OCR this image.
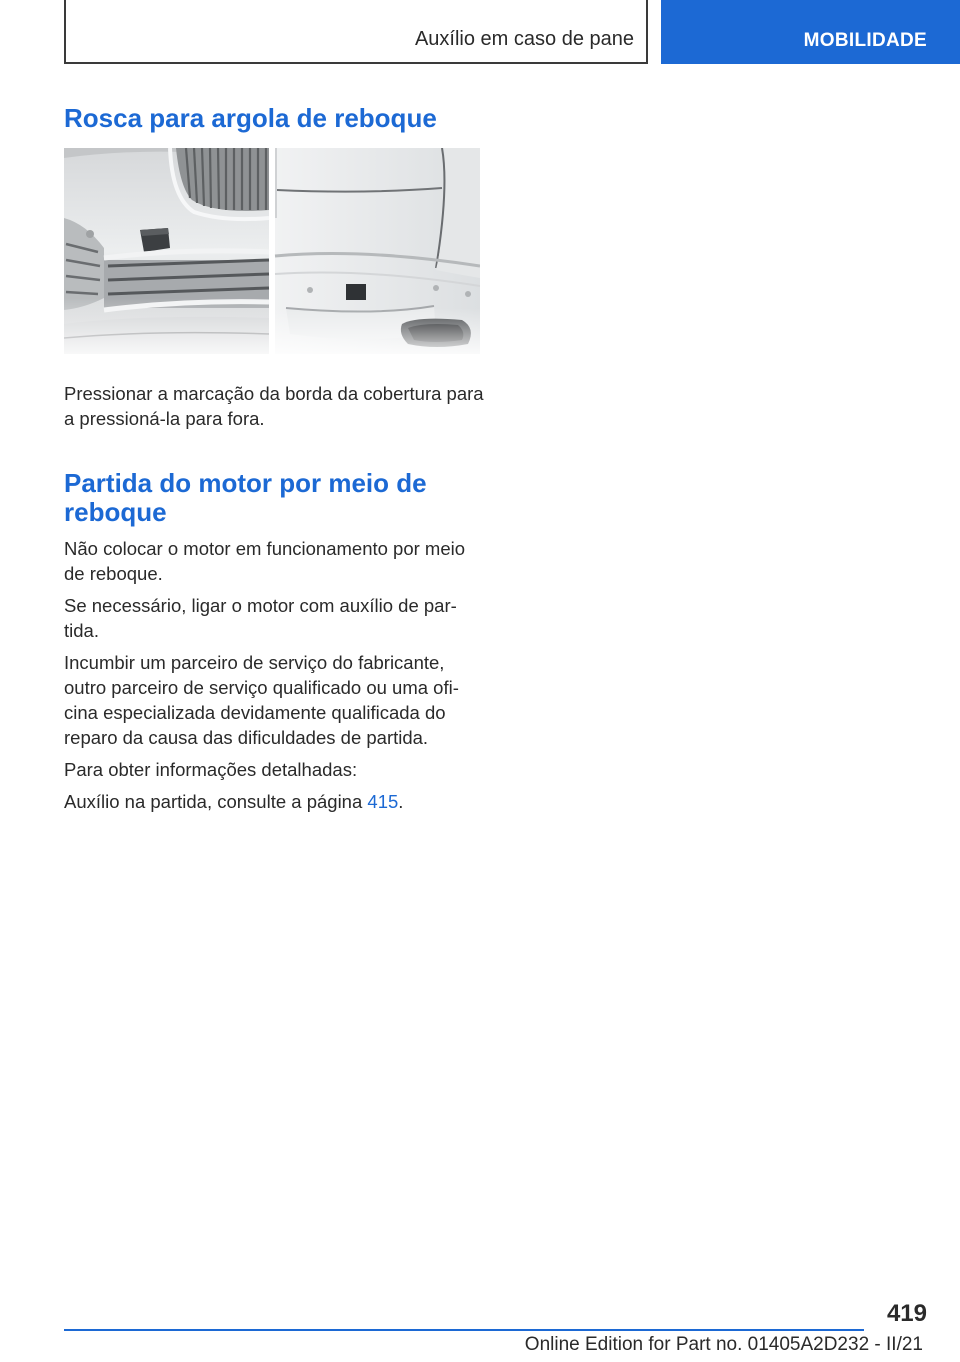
Auxílio em caso de pane	MOBILIDADE
Rosca para argola de reboque

Pressionar a marcação da borda da cobertura para a pressioná-la para fora.

Partida do motor por meio de reboque

Não colocar o motor em funcionamento por meio de reboque.

Se necessário, ligar o motor com auxílio de par-tida.

Incumbir um parceiro de serviço do fabricante, outro parceiro de serviço qualificado ou uma ofi-cina especializada devidamente qualificada do reparo da causa das dificuldades de partida.

Para obter informações detalhadas:

Auxílio na partida, consulte a página 415.

419
Online Edition for Part no. 01405A2D232 - II/21
